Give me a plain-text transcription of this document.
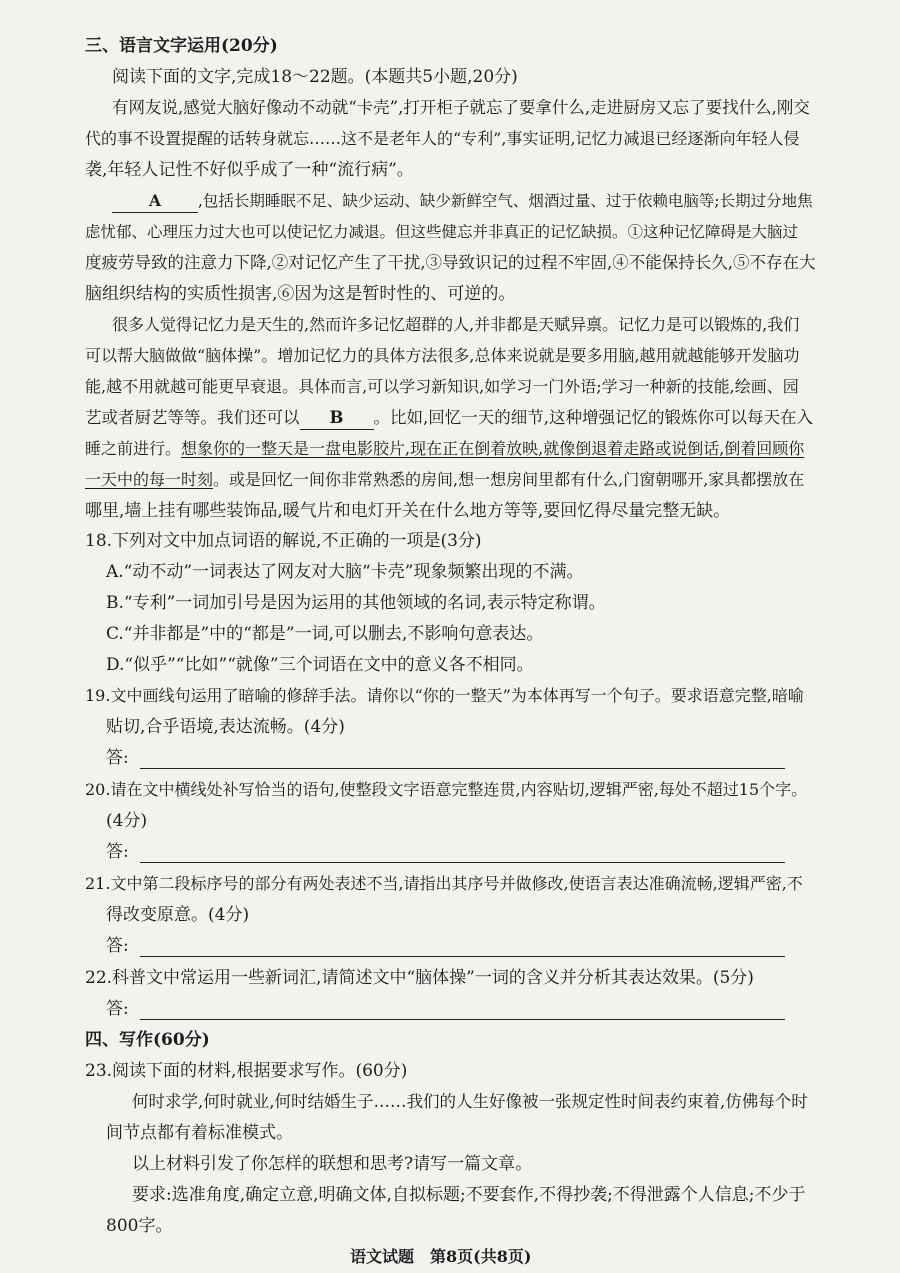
三、语言文字运用(20分)
阅读下面的文字,完成18～22题。(本题共5小题,20分)
有网友说,感觉大脑好像动不动就“卡壳”,打开柜子就忘了要拿什么,走进厨房又忘了要找什么,刚交
代的事不设置提醒的话转身就忘……这不是老年人的“专利”,事实证明,记忆力减退已经逐渐向年轻人侵
袭,年轻人记性不好似乎成了一种“流行病”。
A ,包括长期睡眠不足、缺少运动、缺少新鲜空气、烟酒过量、过于依赖电脑等;长期过分地焦
虑忧郁、心理压力过大也可以使记忆力减退。但这些健忘并非真正的记忆缺损。①这种记忆障碍是大脑过
度疲劳导致的注意力下降,②对记忆产生了干扰,③导致识记的过程不牢固,④不能保持长久,⑤不存在大
脑组织结构的实质性损害,⑥因为这是暂时性的、可逆的。
很多人觉得记忆力是天生的,然而许多记忆超群的人,并非都是天赋异禀。记忆力是可以锻炼的,我们
可以帮大脑做做“脑体操”。增加记忆力的具体方法很多,总体来说就是要多用脑,越用就越能够开发脑功
能,越不用就越可能更早衰退。具体而言,可以学习新知识,如学习一门外语;学习一种新的技能,绘画、园
艺或者厨艺等等。我们还可以 B 。比如,回忆一天的细节,这种增强记忆的锻炼你可以每天在入
睡之前进行。想象你的一整天是一盘电影胶片,现在正在倒着放映,就像倒退着走路或说倒话,倒着回顾你
一天中的每一时刻。或是回忆一间你非常熟悉的房间,想一想房间里都有什么,门窗朝哪开,家具都摆放在
哪里,墙上挂有哪些装饰品,暖气片和电灯开关在什么地方等等,要回忆得尽量完整无缺。
18.下列对文中加点词语的解说,不正确的一项是(3分)
A.“动不动”一词表达了网友对大脑“卡壳”现象频繁出现的不满。
B.“专利”一词加引号是因为运用的其他领域的名词,表示特定称谓。
C.“并非都是”中的“都是”一词,可以删去,不影响句意表达。
D.“似乎”“比如”“就像”三个词语在文中的意义各不相同。
19.文中画线句运用了暗喻的修辞手法。请你以“你的一整天”为本体再写一个句子。要求语意完整,暗喻
贴切,合乎语境,表达流畅。(4分)
答:
20.请在文中横线处补写恰当的语句,使整段文字语意完整连贯,内容贴切,逻辑严密,每处不超过15个字。
(4分)
答:
21.文中第二段标序号的部分有两处表述不当,请指出其序号并做修改,使语言表达准确流畅,逻辑严密,不
得改变原意。(4分)
答:
22.科普文中常运用一些新词汇,请简述文中“脑体操”一词的含义并分析其表达效果。(5分)
答:
四、写作(60分)
23.阅读下面的材料,根据要求写作。(60分)
何时求学,何时就业,何时结婚生子……我们的人生好像被一张规定性时间表约束着,仿佛每个时
间节点都有着标准模式。
以上材料引发了你怎样的联想和思考?请写一篇文章。
要求:选准角度,确定立意,明确文体,自拟标题;不要套作,不得抄袭;不得泄露个人信息;不少于
800字。
语文试题　第8页(共8页)
